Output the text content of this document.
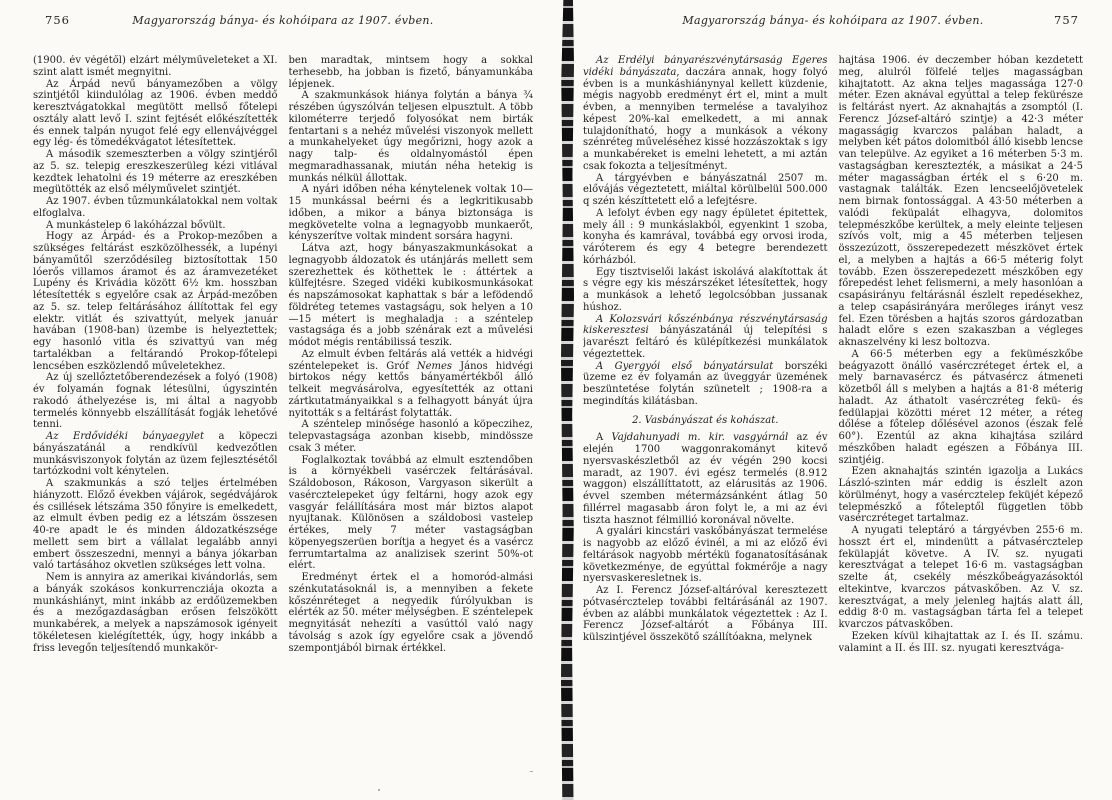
756	Magyarország bánya- és kohóipara az 1907. évben.
(1900. év végétől) elzárt mélyműveleteket a XI. szint alatt ismét megnyitni.
Az Árpád nevű bányamezőben a völgy szintjétől kiindulólag az 1906. évben meddő keresztvágatokkal megütött mellső főtelepi osztály alatt levő I. szint fejtését előkészítették és ennek talpán nyugot felé egy ellenvájvéggel egy lég- és tömedékvágatot létesítettek.
A második szemeszterben a völgy szintjéről az 5. sz. telepig ereszkeszerüleg kézi vitlával kezdtek lehatolni és 19 méterre az ereszkében megütötték az első mélyművelet szintjét.
Az 1907. évben tűzmunkálatokkal nem voltak elfoglalva.
A munkástelep 6 lakóházzal bővült.
Hogy az Árpád- és a Prokop-mezőben a szükséges feltárást eszközölhessék, a lupényi bányaműtől szerződésileg biztosítottak 150 lóerős villamos áramot és az áramvezetéket Lupény és Krivádia között 6½ km. hosszban létesítették s egyelőre csak az Árpád-mezőben az 5. sz. telep feltárásához állítottak fel egy elektr. vitlát és szivattyút, melyek január havában (1908-ban) üzembe is helyeztettek; egy hasonló vitla és szivattyú van még tartalékban a feltárandó Prokop-főtelepi lencsében eszközlendő műveletekhez.
Az új szellőztetőberendezések a folyó (1908) év folyamán fognak létesülni, úgyszintén rakodó áthelyezése is, mi által a nagyobb termelés könnyebb elszállítását fogják lehetővé tenni.
Az Erdővidéki bányaegylet a köpeczi bányászatánál a rendkívül kedvezőtlen munkásviszonyok folytán az üzem fejlesztésétől tartózkodni volt kénytelen.
A szakmunkás a szó teljes értelmében hiányzott. Előző években vájárok, segédvájárok és csillések létszáma 350 főnyire is emelkedett, az elmult évben pedig ez a létszám összesen 40-re apadt le és minden áldozatkészsége mellett sem birt a vállalat legalább annyi embert összeszedni, mennyi a bánya jókarban való tartásához okvetlen szükséges lett volna.
Nem is annyira az amerikai kivándorlás, sem a bányák szokásos konkurrencziája okozta a munkáshiányt, mint inkább az erdőüzemekben és a mezőgazdaságban erősen felszökött munkabérek, a melyek a napszámosok igényeit tökéletesen kielégítették, úgy, hogy inkább a friss levegőn teljesítendő munkakör-
ben maradtak, mintsem hogy a sokkal terhesebb, ha jobban is fizető, bányamunkába lépjenek.
A szakmunkások hiánya folytán a bánya ¾ részében úgyszólván teljesen elpusztult. A több kilométerre terjedő folyosókat nem birták fentartani s a nehéz művelési viszonyok mellett a munkahelyeket úgy megőrizni, hogy azok a nagy talp- és oldalnyomástól épen megmaradhassanak, miután néha hetekig is munkás nélkül állottak.
A nyári időben néha kénytelenek voltak 10—15 munkással beérni és a legkritikusabb időben, a mikor a bánya biztonsága is megkövetelte volna a legnagyobb munkaerőt, kényszerítve voltak mindent sorsára hagyni.
Látva azt, hogy bányaszakmunkásokat a legnagyobb áldozatok és utánjárás mellett sem szerezhettek és köthettek le : áttértek a külfejtésre. Szeged vidéki kubikosmunkásokat és napszámosokat kaphattak s bár a lefödendő földréteg tetemes vastagságu, sok helyen a 10—15 métert is meghaladja : a széntelep vastagsága és a jobb szénárak ezt a művelési módot mégis rentábilissá teszik.
Az elmult évben feltárás alá vették a hidvégi széntelepeket is. Gróf Nemes János hidvégi birtokos négy kettős bányamértékből álló telkeit megvásárolva, egyesítették az ottani zártkutatmányaikkal s a felhagyott bányát újra nyitották s a feltárást folytatták.
A széntelep minősége hasonló a köpeczihez, telepvastagsága azonban kisebb, mindössze csak 3 méter.
Foglalkoztak továbbá az elmult esztendőben is a környékbeli vasérczek feltárásával. Száldoboson, Rákoson, Vargyason sikerült a vasércztelepeket úgy feltárni, hogy azok egy vasgyár felállítására most már biztos alapot nyujtanak. Különösen a száldobosi vastelep értékes, mely 7 méter vastagságban köpenyegszerüen borítja a hegyet és a vasércz ferrumtartalma az analizisek szerint 50%-ot elért.
Eredményt értek el a homoród-almási szénkutatásoknál is, a mennyiben a fekete kőszénréteget a negyedik fúrólyukban is elérték az 50. méter mélységben. E széntelepek megnyitását nehezíti a vasúttól való nagy távolság s azok így egyelőre csak a jövendő szempontjából birnak értékkel.
Magyarország bánya- és kohóipara az 1907. évben.	757
Az Erdélyi bányarészvénytársaság Egeres vidéki bányászata, daczára annak, hogy folyó évben is a munkáshiánynyal kellett küzdenie, mégis nagyobb eredményt ért el, mint a mult évben, a mennyiben termelése a tavalyihoz képest 20%-kal emelkedett, a mi annak tulajdonítható, hogy a munkások a vékony szénréteg műveléséhez kissé hozzászoktak s igy a munkabéreket is emelni lehetett, a mi aztán csak fokozta a teljesítményt.
A tárgyévben e bányászatnál 2507 m. elővájás végeztetett, miáltal körülbelül 500.000 q szén készíttetett elő a lefejtésre.
A lefolyt évben egy nagy épületet épitettek, mely áll : 9 munkáslakból, egyenkint 1 szoba, konyha és kamrával, továbbá egy orvosi iroda, váróterem és egy 4 betegre berendezett kórházból.
Egy tisztviselői lakást iskolává alakítottak át s végre egy kis mészárszéket létesítettek, hogy a munkások a lehető legolcsóbban jussanak húshoz.
A Kolozsvári kőszénbánya részvénytársaság kiskeresztesi bányászatánál új telepítési s javarészt feltáró és külépítkezési munkálatok végeztettek.
A Gyergyói első bányatársulat borszéki üzeme ez év folyamán az üveggyár üzemének beszüntetése folytán szünetelt ; 1908-ra a megindítás kilátásban.
2. Vasbányászat és kohászat.
A Vajdahunyadi m. kir. vasgyárnál az év elején 1700 waggonrakományt kitevő nyersvaskészletből az év végén 290 kocsi maradt, az 1907. évi egész termelés (8.912 waggon) elszállíttatott, az elárusitás az 1906. évvel szemben métermázsánként átlag 50 fillérrel magasabb áron folyt le, a mi az évi tiszta hasznot félmillió koronával növelte.
A gyalári kincstári vaskőbányászat termelése is nagyobb az előző évinél, a mi az előző évi feltárások nagyobb mértékü foganatosításának következménye, de egyúttal fokmérője a nagy nyersvaskeresletnek is.
Az I. Ferencz József-altáróval keresztezett pótvasércztelep további feltárásánál az 1907. évben az alábbi munkálatok végeztettek : Az I. Ferencz József-altárót a Főbánya III. külszintjével összekötő szállítóakna, melynek
hajtása 1906. év deczember hóban kezdetett meg, alulról fölfelé teljes magasságban kihajtatott. Az akna teljes magassága 127·0 méter. Ezen aknával egyúttal a telep fekürésze is feltárást nyert. Az aknahajtás a zsomptól (I. Ferencz József-altáró szintje) a 42·3 méter magasságig kvarczos palában haladt, a melyben két pátos dolomitból álló kisebb lencse van települve. Az egyiket a 16 méterben 5·3 m. vastagságban keresztezték, a másikat a 24·5 méter magasságban érték el s 6·20 m. vastagnak találták. Ezen lencseelőjövetelek nem birnak fontossággal. A 43·50 méterben a valódi feküpalát elhagyva, dolomitos telepmészkőbe kerültek, a mely eleinte teljesen szívós volt, mig a 45 méterben teljesen összezúzott, összerepedezett mészkövet értek el, a melyben a hajtás a 66·5 méterig folyt tovább. Ezen összerepedezett mészkőben egy főrepedést lehet felismerni, a mely hasonlóan a csapásirányu feltárásnál észlelt repedésekhez, a telep csapásirányára merőleges irányt vesz fel. Ezen törésben a hajtás szoros gárdozatban haladt előre s ezen szakaszban a végleges aknaszelvény ki lesz boltozva.
A 66·5 méterben egy a fekümészkőbe beágyazott önálló vasérczréteget értek el, a mely barnavasércz és pátvasércz átmeneti közetből áll s melyben a hajtás a 81·8 méterig haladt. Az áthatolt vasérczréteg fekü- és fedülapjai közötti méret 12 méter, a réteg dőlése a főtelep dőlésével azonos (észak felé 60°). Ezentúl az akna kihajtása szilárd mészkőben haladt egészen a Főbánya III. szintjéig.
Ezen aknahajtás szintén igazolja a Lukács László-szinten már eddig is észlelt azon körülményt, hogy a vasércztelep feküjét képező telepmészkő a főteleptől független több vasérczréteget tartalmaz.
A nyugati teleptáró a tárgyévben 255·6 m. hosszt ért el, mindenütt a pátvasércztelep fekülapját követve. A IV. sz. nyugati keresztvágat a telepet 16·6 m. vastagságban szelte át, csekély mészkőbeágyazásoktól eltekintve, kvarczos pátvaskőben. Az V. sz. keresztvágat, a mely jelenleg hajtás alatt áll, eddig 8·0 m. vastagságban tárta fel a telepet kvarczos pátvaskőben.
Ezeken kívül kihajtattak az I. és II. számu. valamint a II. és III. sz. nyugati keresztvága-
